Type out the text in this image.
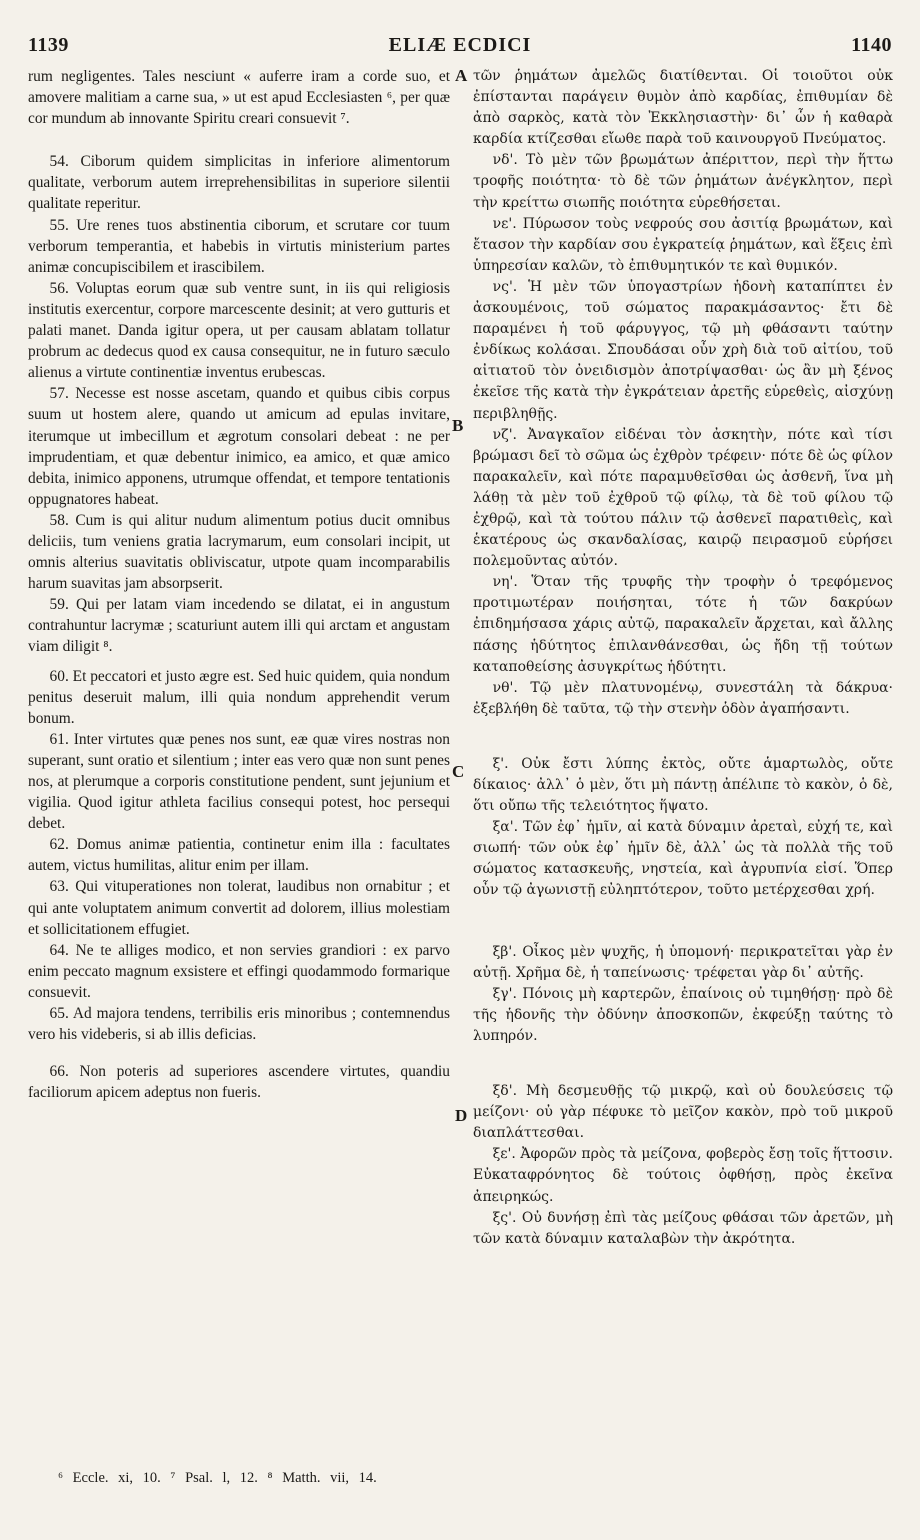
1139	ELIÆ ECDICI	1140
A
B
C
D

rum negligentes. Tales nesciunt « auferre iram a corde suo, et amovere malitiam a carne sua, » ut est apud Ecclesiasten ⁶, per quæ cor mundum ab innovante Spiritu creari consuevit ⁷.

54. Ciborum quidem simplicitas in inferiore alimentorum qualitate, verborum autem irreprehensibilitas in superiore silentii qualitate reperitur.

55. Ure renes tuos abstinentia ciborum, et scrutare cor tuum verborum temperantia, et habebis in virtutis ministerium partes animæ concupiscibilem et irascibilem.

56. Voluptas eorum quæ sub ventre sunt, in iis qui religiosis institutis exercentur, corpore marcescente desinit; at vero gutturis et palati manet. Danda igitur opera, ut per causam ablatam tollatur probrum ac dedecus quod ex causa consequitur, ne in futuro sæculo alienus a virtute continentiæ inventus erubescas.

57. Necesse est nosse ascetam, quando et quibus cibis corpus suum ut hostem alere, quando ut amicum ad epulas invitare, iterumque ut imbecillum et ægrotum consolari debeat : ne per imprudentiam, et quæ debentur inimico, ea amico, et quæ amico debita, inimico apponens, utrumque offendat, et tempore tentationis oppugnatores habeat.

58. Cum is qui alitur nudum alimentum potius ducit omnibus deliciis, tum veniens gratia lacrymarum, eum consolari incipit, ut omnis alterius suavitatis obliviscatur, utpote quam incomparabilis harum suavitas jam absorpserit.

59. Qui per latam viam incedendo se dilatat, ei in angustum contrahuntur lacrymæ ; scaturiunt autem illi qui arctam et angustam viam diligit ⁸.

60. Et peccatori et justo ægre est. Sed huic quidem, quia nondum penitus deseruit malum, illi quia nondum apprehendit verum bonum.

61. Inter virtutes quæ penes nos sunt, eæ quæ vires nostras non superant, sunt oratio et silentium ; inter eas vero quæ non sunt penes nos, at plerumque a corporis constitutione pendent, sunt jejunium et vigilia. Quod igitur athleta facilius consequi potest, hoc persequi debet.

62. Domus animæ patientia, continetur enim illa : facultates autem, victus humilitas, alitur enim per illam.

63. Qui vituperationes non tolerat, laudibus non ornabitur ; et qui ante voluptatem animum convertit ad dolorem, illius molestiam et sollicitationem effugiet.

64. Ne te alliges modico, et non servies grandiori : ex parvo enim peccato magnum exsistere et effingi quodammodo formarique consuevit.

65. Ad majora tendens, terribilis eris minoribus ; contemnendus vero his videberis, si ab illis deficias.

66. Non poteris ad superiores ascendere virtutes, quandiu faciliorum apicem adeptus non fueris.

τῶν ῥημάτων ἀμελῶς διατίθενται. Οἱ τοιοῦτοι οὐκ ἐπίστανται παράγειν θυμὸν ἀπὸ καρδίας, ἐπιθυμίαν δὲ ἀπὸ σαρκὸς, κατὰ τὸν Ἐκκλησιαστὴν· δι᾽ ὧν ἡ καθαρὰ καρδία κτίζεσθαι εἴωθε παρὰ τοῦ καινουργοῦ Πνεύματος.

νδ'. Τὸ μὲν τῶν βρωμάτων ἀπέριττον, περὶ τὴν ἥττω τροφῆς ποιότητα· τὸ δὲ τῶν ῥημάτων ἀνέγκλητον, περὶ τὴν κρείττω σιωπῆς ποιότητα εὑρεθήσεται.

νε'. Πύρωσον τοὺς νεφρούς σου ἀσιτίᾳ βρωμάτων, καὶ ἔτασον τὴν καρδίαν σου ἐγκρατείᾳ ῥημάτων, καὶ ἕξεις ἐπὶ ὑπηρεσίαν καλῶν, τὸ ἐπιθυμητικόν τε καὶ θυμικόν.

νς'. Ἡ μὲν τῶν ὑπογαστρίων ἡδονὴ καταπίπτει ἐν ἀσκουμένοις, τοῦ σώματος παρακμάσαντος· ἔτι δὲ παραμένει ἡ τοῦ φάρυγγος, τῷ μὴ φθάσαντι ταύτην ἐνδίκως κολάσαι. Σπουδάσαι οὖν χρὴ διὰ τοῦ αἰτίου, τοῦ αἰτιατοῦ τὸν ὀνειδισμὸν ἀποτρίψασθαι· ὡς ἂν μὴ ξένος ἐκεῖσε τῆς κατὰ τὴν ἐγκράτειαν ἀρετῆς εὑρεθεὶς, αἰσχύνῃ περιβληθῇς.

νζ'. Ἀναγκαῖον εἰδέναι τὸν ἀσκητὴν, πότε καὶ τίσι βρώμασι δεῖ τὸ σῶμα ὡς ἐχθρὸν τρέφειν· πότε δὲ ὡς φίλον παρακαλεῖν, καὶ πότε παραμυθεῖσθαι ὡς ἀσθενῆ, ἵνα μὴ λάθῃ τὰ μὲν τοῦ ἐχθροῦ τῷ φίλῳ, τὰ δὲ τοῦ φίλου τῷ ἐχθρῷ, καὶ τὰ τούτου πάλιν τῷ ἀσθενεῖ παρατιθεὶς, καὶ ἑκατέρους ὡς σκανδαλίσας, καιρῷ πειρασμοῦ εὑρήσει πολεμοῦντας αὐτόν.

νη'. Ὅταν τῆς τρυφῆς τὴν τροφὴν ὁ τρεφόμενος προτιμωτέραν ποιήσηται, τότε ἡ τῶν δακρύων ἐπιδημήσασα χάρις αὐτῷ, παρακαλεῖν ἄρχεται, καὶ ἄλλης πάσης ἡδύτητος ἐπιλανθάνεσθαι, ὡς ἤδη τῇ τούτων καταποθείσης ἀσυγκρίτως ἡδύτητι.

νθ'. Τῷ μὲν πλατυνομένῳ, συνεστάλη τὰ δάκρυα· ἐξεβλήθη δὲ ταῦτα, τῷ τὴν στενὴν ὁδὸν ἀγαπήσαντι.

ξ'. Οὐκ ἔστι λύπης ἐκτὸς, οὔτε ἁμαρτωλὸς, οὔτε δίκαιος· ἀλλ᾽ ὁ μὲν, ὅτι μὴ πάντῃ ἀπέλιπε τὸ κακὸν, ὁ δὲ, ὅτι οὔπω τῆς τελειότητος ἥψατο.

ξα'. Τῶν ἐφ᾽ ἡμῖν, αἱ κατὰ δύναμιν ἀρεταὶ, εὐχή τε, καὶ σιωπή· τῶν οὐκ ἐφ᾽ ἡμῖν δὲ, ἀλλ᾽ ὡς τὰ πολλὰ τῆς τοῦ σώματος κατασκευῆς, νηστεία, καὶ ἀγρυπνία εἰσί. Ὅπερ οὖν τῷ ἀγωνιστῇ εὐληπτότερον, τοῦτο μετέρχεσθαι χρή.

ξβ'. Οἶκος μὲν ψυχῆς, ἡ ὑπομονή· περικρατεῖται γὰρ ἐν αὐτῇ. Χρῆμα δὲ, ἡ ταπείνωσις· τρέφεται γὰρ δι᾽ αὐτῆς.

ξγ'. Πόνοις μὴ καρτερῶν, ἐπαίνοις οὐ τιμηθήσῃ· πρὸ δὲ τῆς ἡδονῆς τὴν ὀδύνην ἀποσκοπῶν, ἐκφεύξῃ ταύτης τὸ λυπηρόν.

ξδ'. Μὴ δεσμευθῇς τῷ μικρῷ, καὶ οὐ δουλεύσεις τῷ μείζονι· οὐ γὰρ πέφυκε τὸ μεῖζον κακὸν, πρὸ τοῦ μικροῦ διαπλάττεσθαι.

ξε'. Ἀφορῶν πρὸς τὰ μείζονα, φοβερὸς ἔσῃ τοῖς ἥττοσιν. Εὐκαταφρόνητος δὲ τούτοις ὀφθήσῃ, πρὸς ἐκεῖνα ἀπειρηκώς.

ξς'. Οὐ δυνήσῃ ἐπὶ τὰς μείζους φθάσαι τῶν ἀρετῶν, μὴ τῶν κατὰ δύναμιν καταλαβὼν τὴν ἀκρότητα.

⁶ Eccle. xi, 10. ⁷ Psal. l, 12. ⁸ Matth. vii, 14.
